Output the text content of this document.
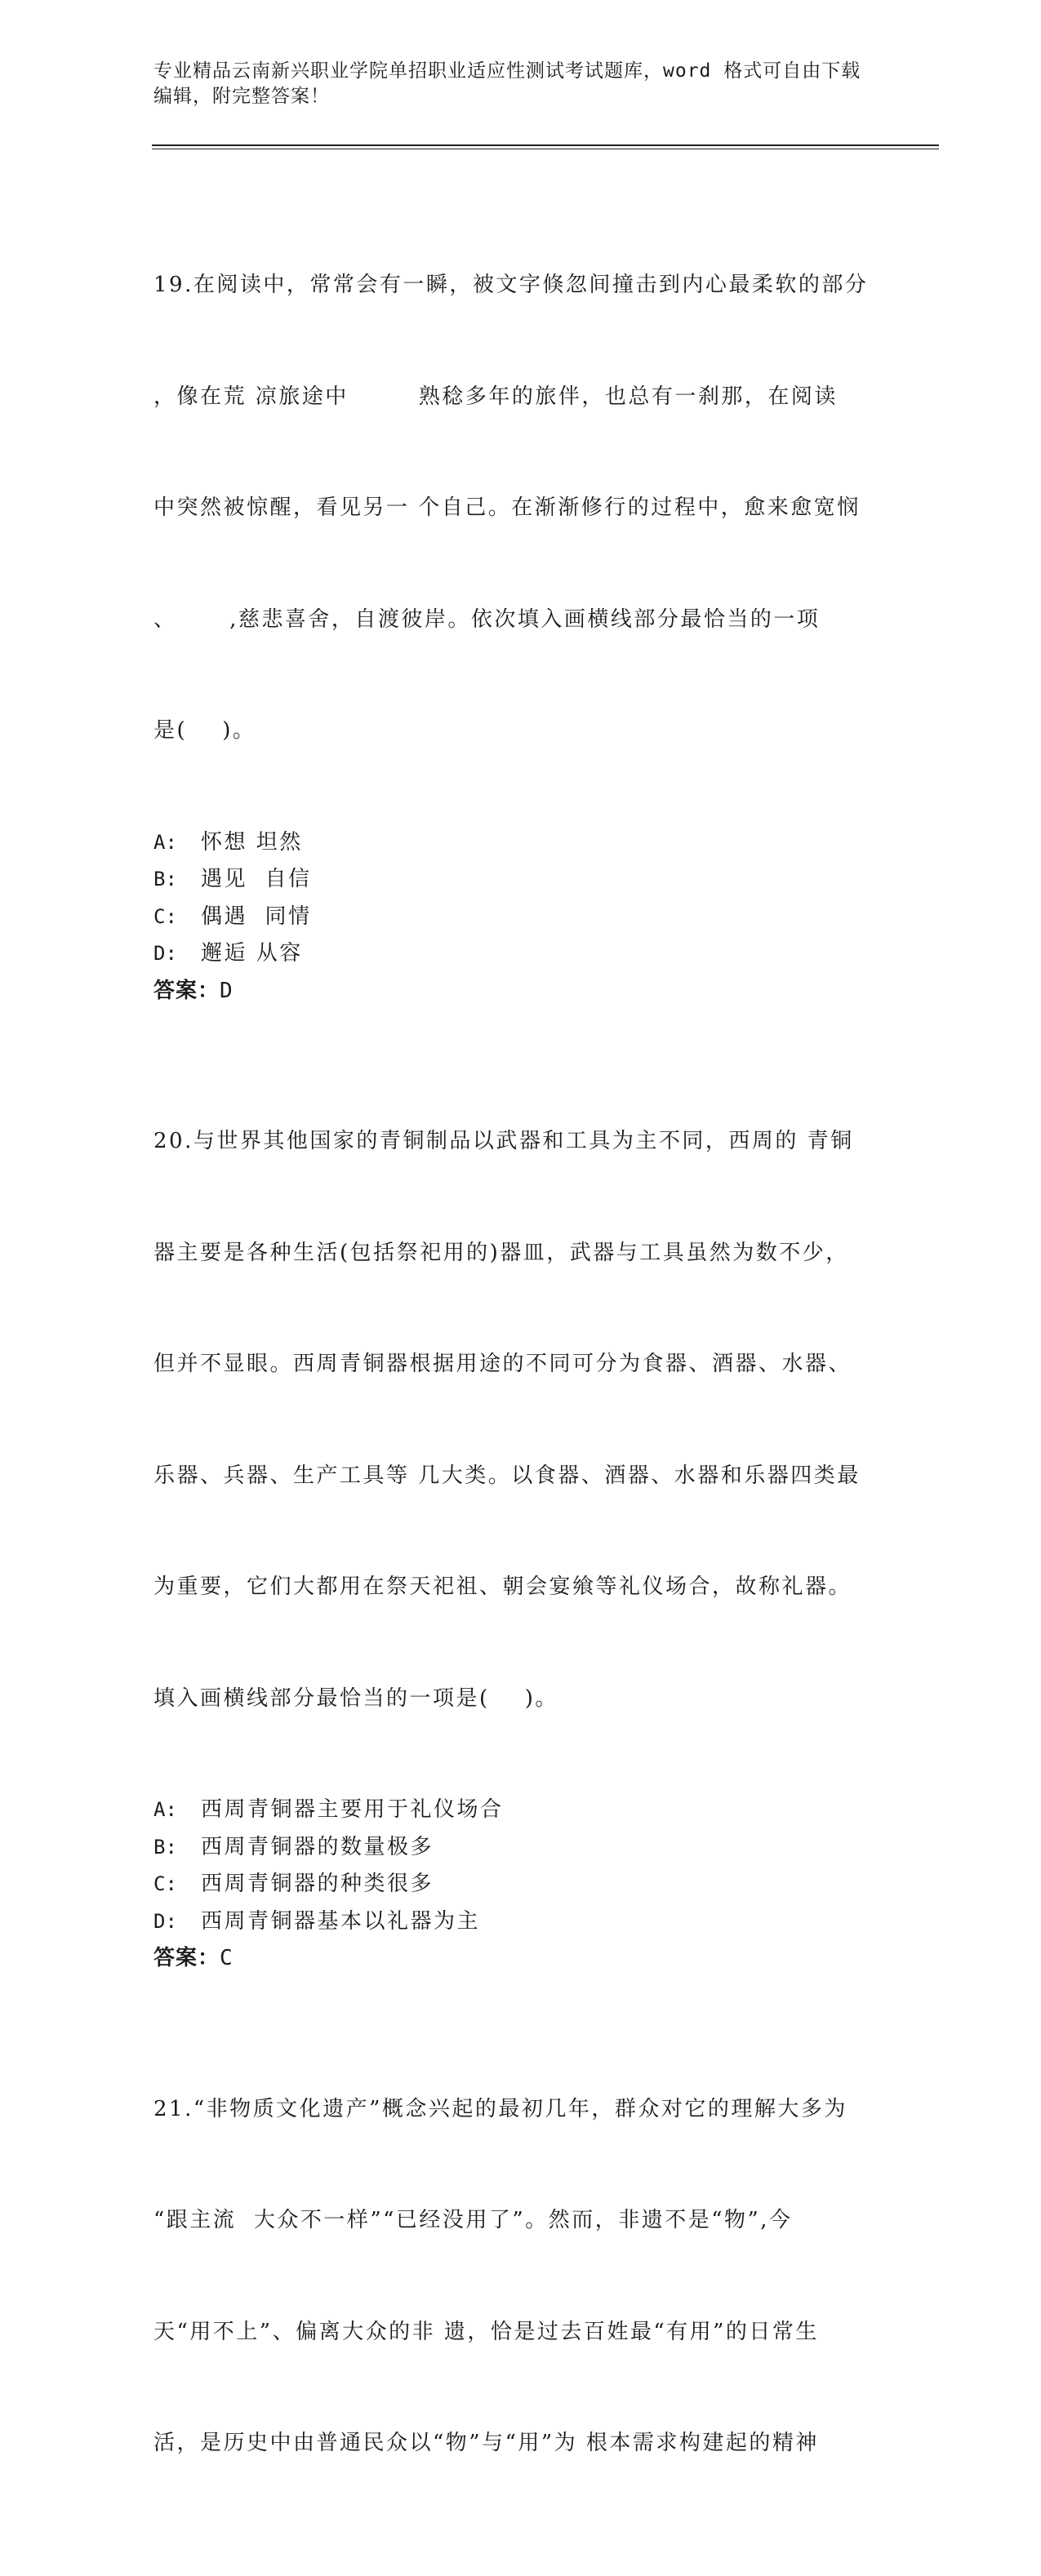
专业精品云南新兴职业学院单招职业适应性测试考试题库，word 格式可自由下载
编辑，附完整答案！

19.在阅读中，常常会有一瞬，被文字倏忽间撞击到内心最柔软的部分

，像在荒 凉旅途中        熟稔多年的旅伴，也总有一刹那，在阅读

中突然被惊醒，看见另一 个自己。在渐渐修行的过程中，愈来愈宽悯

、      ,慈悲喜舍，自渡彼岸。依次填入画横线部分最恰当的一项

是(    )。

A:	怀想 坦然
B:	遇见  自信
C:	偶遇  同情
D:	邂逅 从容
答案：D

20.与世界其他国家的青铜制品以武器和工具为主不同，西周的 青铜

器主要是各种生活(包括祭祀用的)器皿，武器与工具虽然为数不少，

但并不显眼。西周青铜器根据用途的不同可分为食器、酒器、水器、

乐器、兵器、生产工具等 几大类。以食器、酒器、水器和乐器四类最

为重要，它们大都用在祭天祀祖、朝会宴飨等礼仪场合，故称礼器。

填入画横线部分最恰当的一项是(    )。

A:	西周青铜器主要用于礼仪场合
B:	西周青铜器的数量极多
C:	西周青铜器的种类很多
D:	西周青铜器基本以礼器为主
答案：C

21.“非物质文化遗产”概念兴起的最初几年，群众对它的理解大多为

“跟主流  大众不一样”“已经没用了”。然而，非遗不是“物”,今

天“用不上”、偏离大众的非 遗，恰是过去百姓最“有用”的日常生

活，是历史中由普通民众以“物”与“用”为 根本需求构建起的精神
